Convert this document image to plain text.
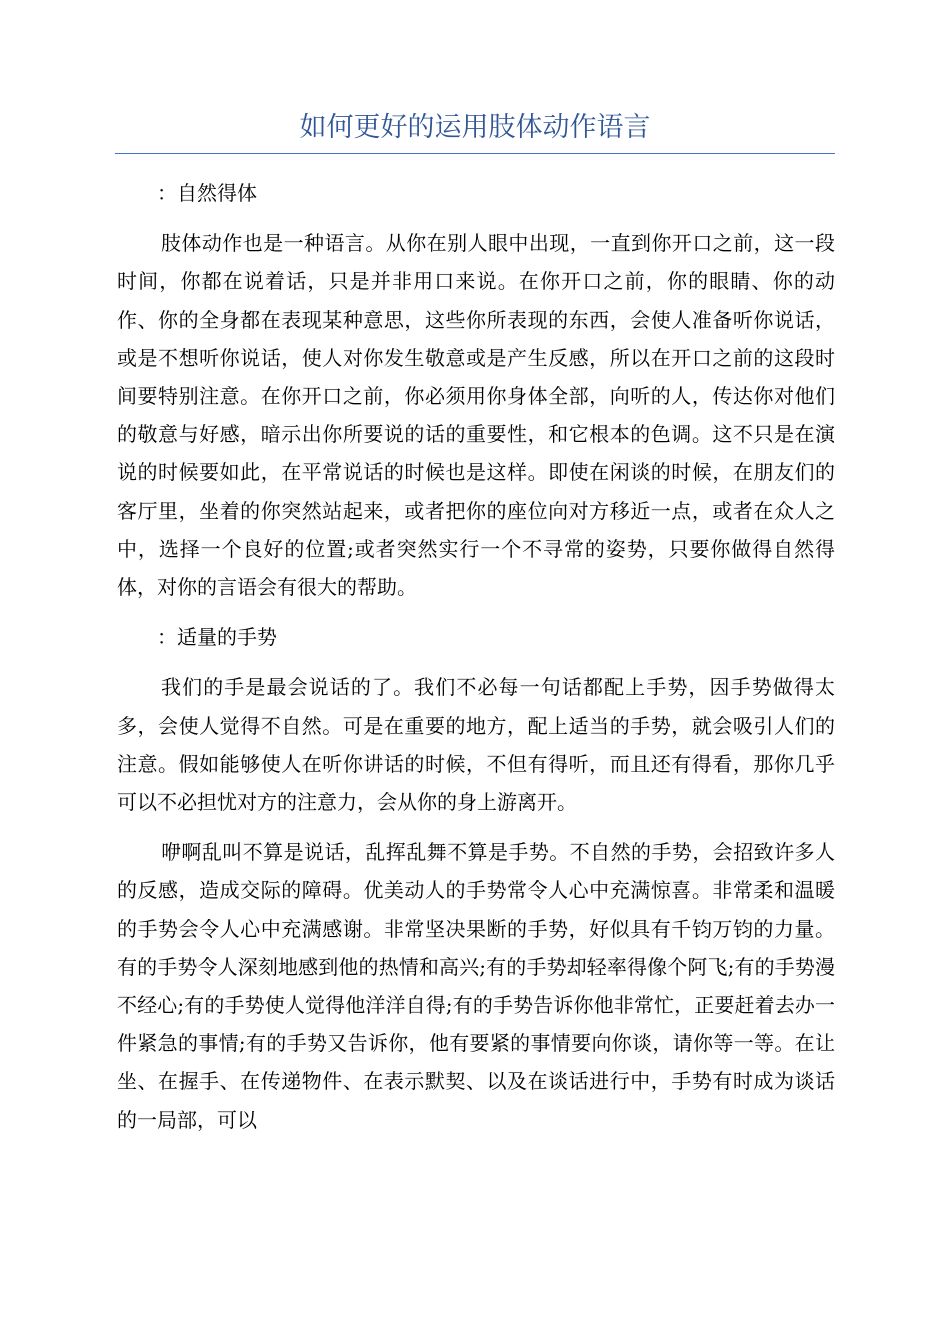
如何更好的运用肢体动作语言

：自然得体

肢体动作也是一种语言。从你在别人眼中出现，一直到你开口之前，这一段时间，你都在说着话，只是并非用口来说。在你开口之前，你的眼睛、你的动作、你的全身都在表现某种意思，这些你所表现的东西，会使人准备听你说话，或是不想听你说话，使人对你发生敬意或是产生反感，所以在开口之前的这段时间要特别注意。在你开口之前，你必须用你身体全部，向听的人，传达你对他们的敬意与好感，暗示出你所要说的话的重要性，和它根本的色调。这不只是在演说的时候要如此，在平常说话的时候也是这样。即使在闲谈的时候，在朋友们的客厅里，坐着的你突然站起来，或者把你的座位向对方移近一点，或者在众人之中，选择一个良好的位置;或者突然实行一个不寻常的姿势，只要你做得自然得体，对你的言语会有很大的帮助。

：适量的手势

我们的手是最会说话的了。我们不必每一句话都配上手势，因手势做得太多，会使人觉得不自然。可是在重要的地方，配上适当的手势，就会吸引人们的注意。假如能够使人在听你讲话的时候，不但有得听，而且还有得看，那你几乎可以不必担忧对方的注意力，会从你的身上游离开。

咿啊乱叫不算是说话，乱挥乱舞不算是手势。不自然的手势，会招致许多人的反感，造成交际的障碍。优美动人的手势常令人心中充满惊喜。非常柔和温暖的手势会令人心中充满感谢。非常坚决果断的手势，好似具有千钧万钧的力量。有的手势令人深刻地感到他的热情和高兴;有的手势却轻率得像个阿飞;有的手势漫不经心;有的手势使人觉得他洋洋自得;有的手势告诉你他非常忙，正要赶着去办一件紧急的事情;有的手势又告诉你，他有要紧的事情要向你谈，请你等一等。在让坐、在握手、在传递物件、在表示默契、以及在谈话进行中，手势有时成为谈话的一局部，可以
